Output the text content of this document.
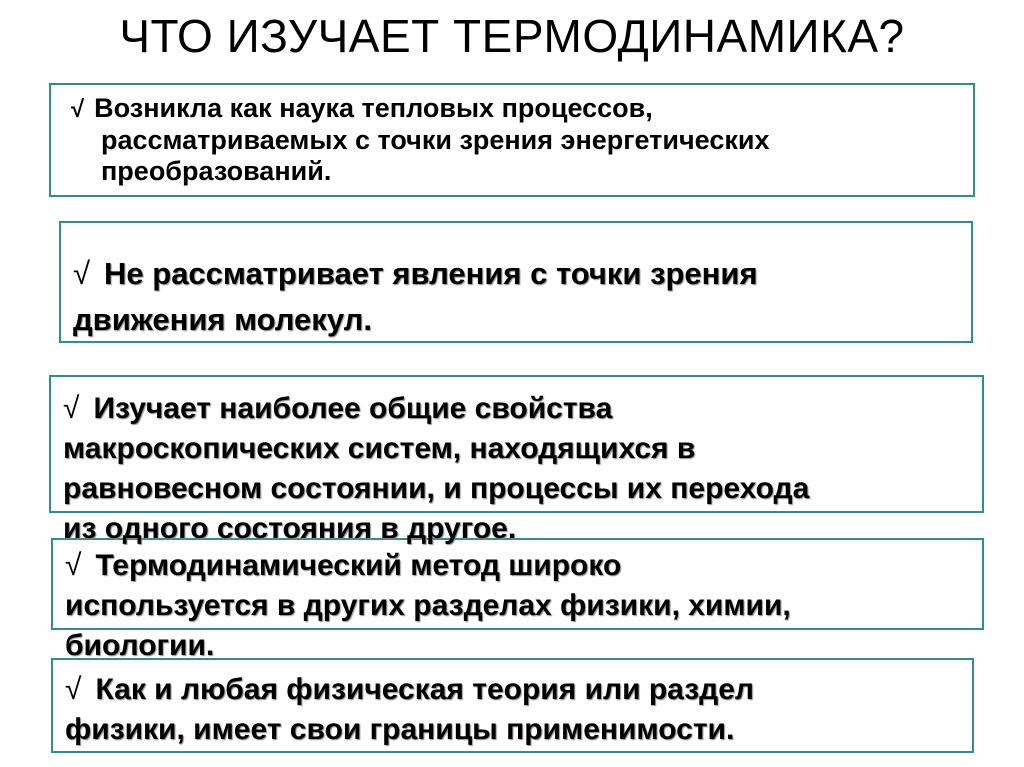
ЧТО ИЗУЧАЕТ ТЕРМОДИНАМИКА?
√ Возникла как наука тепловых процессов,
рассматриваемых с точки зрения энергетических
преобразований.
√ Не рассматривает явления с точки зрения
движения молекул.
√ Изучает наиболее общие свойства
макроскопических систем, находящихся в
равновесном состоянии, и процессы их перехода
из одного состояния в другое.
√ Термодинамический метод широко
используется в других разделах физики, химии,
биологии.
√ Как и любая физическая теория или раздел
физики, имеет свои границы применимости.
